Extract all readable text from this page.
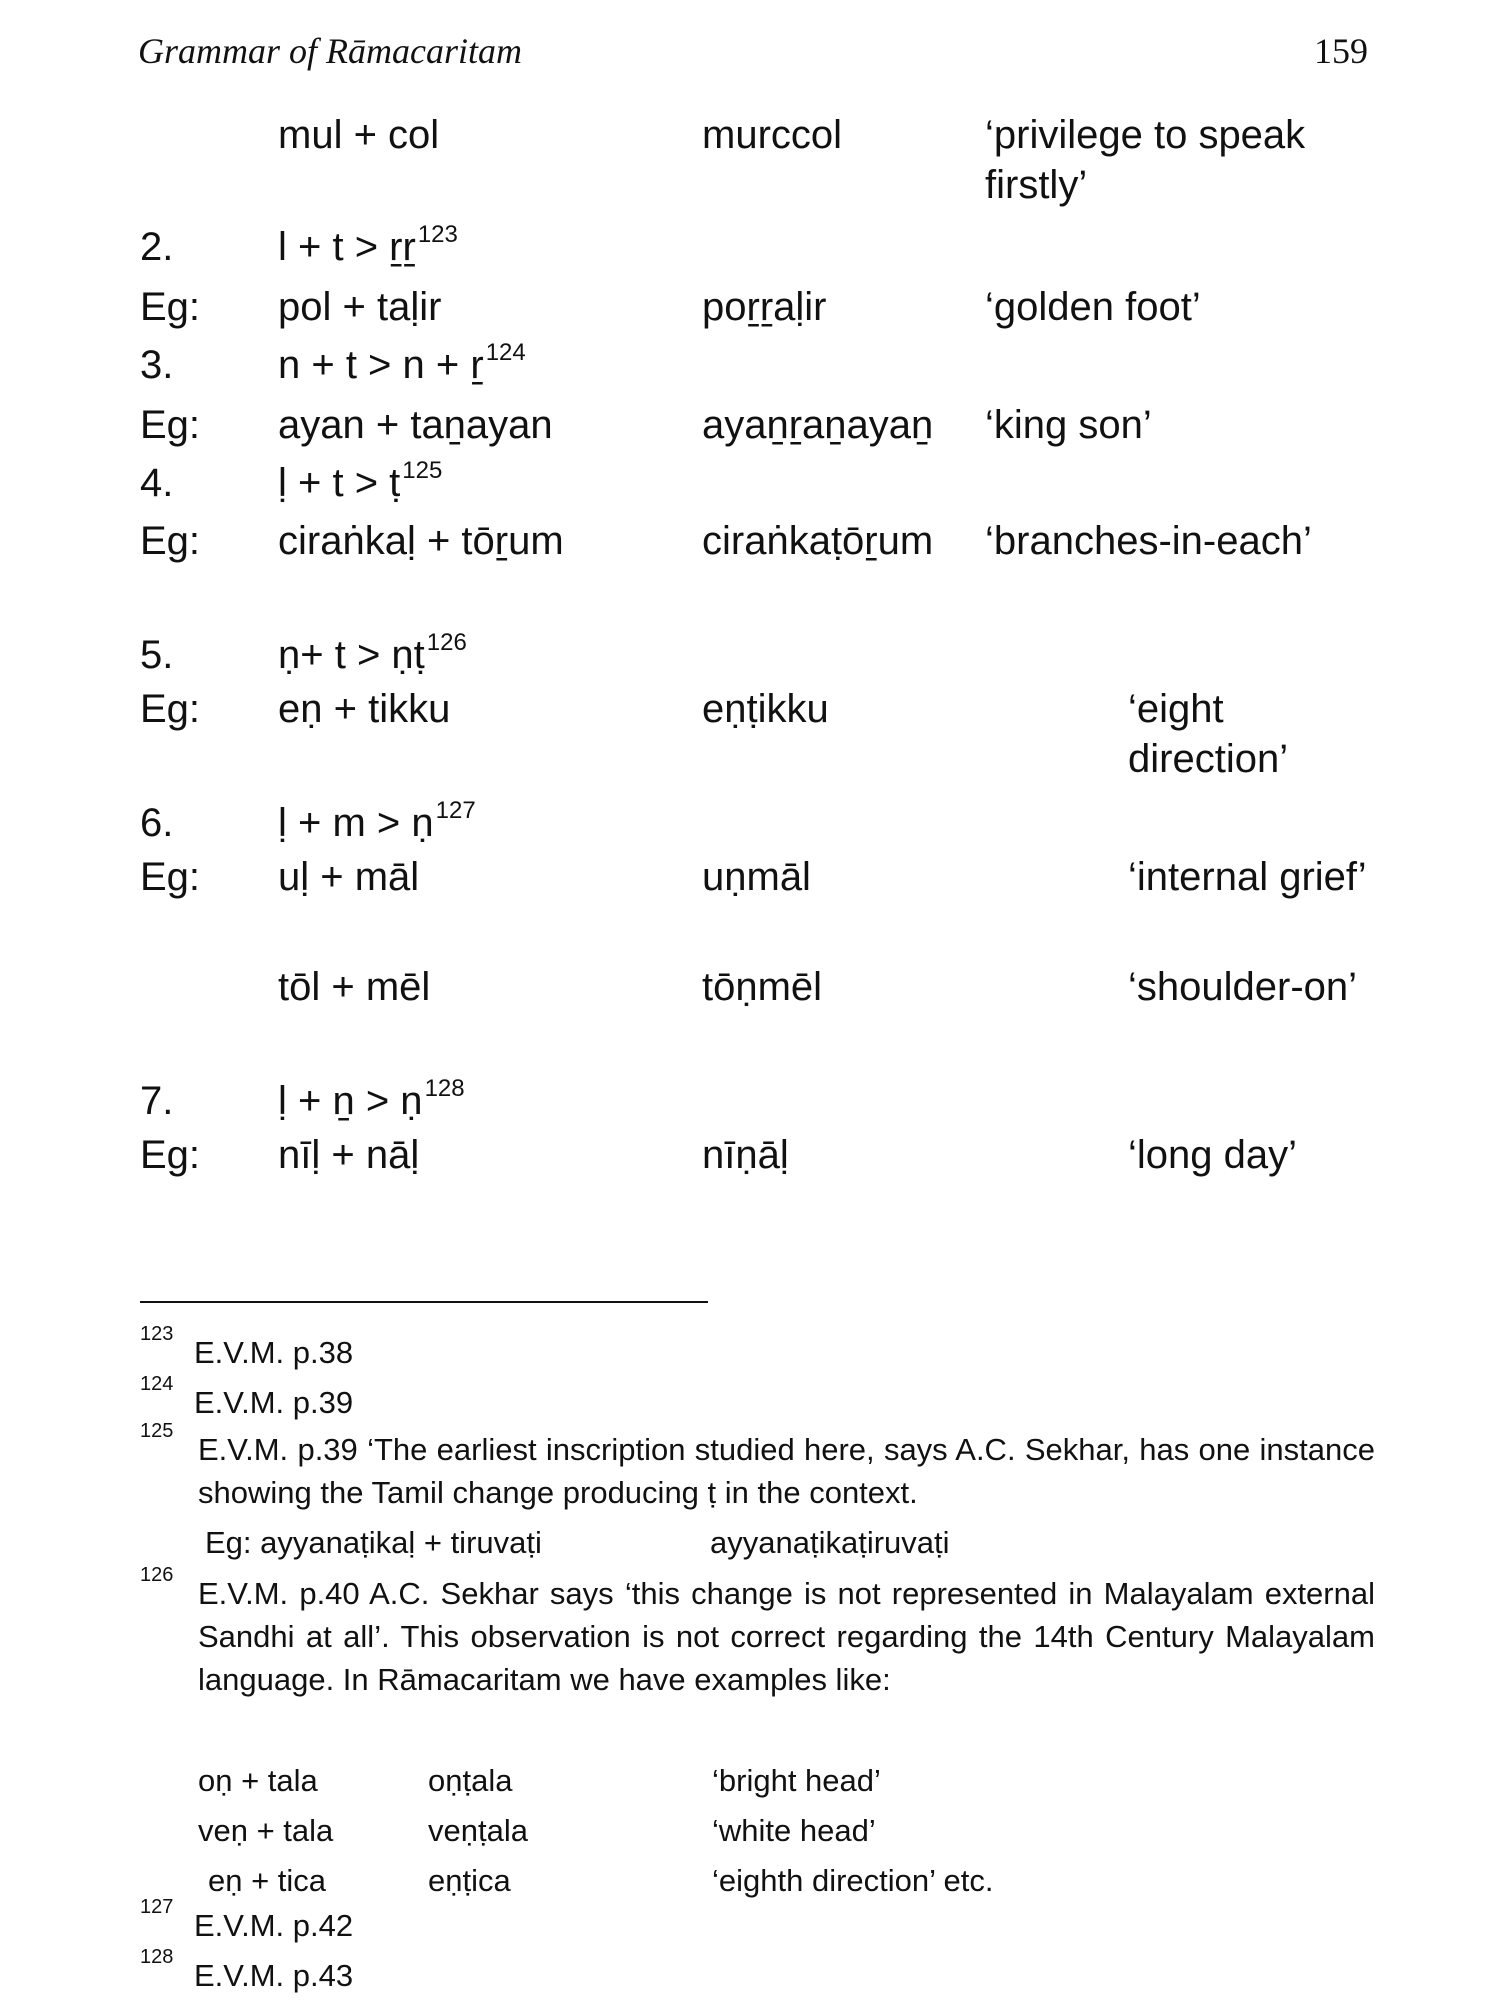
Grammar of Rāmacaritam	159
mul + col	murccol	‘privilege to speak firstly’
2.	l + t > ṟṟ$^{123}$
Eg: pol + taḷir	poṟṟaḷir	‘golden foot’
3.	n + t > n + ṟ$^{124}$
Eg: ayan + taṉayan	ayaṉṟaṉayaṉ ‘king son’
4.	ḷ + t > ṭ$^{125}$
Eg: ciraṅkaḷ + tōṟum	ciraṅkaṭōṟum ‘branches-in-each’
5.	ṇ+ t > ṇṭ$^{126}$
Eg: eṇ + tikku	eṇṭikku	‘eight direction’
6.	ḷ + m > ṇ$^{127}$
Eg: uḷ + māl	uṇmāl	‘internal grief’
tōl + mēl	tōṇmēl	‘shoulder-on’
7.	ḷ + ṉ > ṇ$^{128}$
Eg: nīḷ + nāḷ	nīṇāḷ	‘long day’
123
E.V.M. p.38
124
E.V.M. p.39
125
E.V.M. p.39 ‘The earliest inscription studied here, says A.C. Sekhar, has one instance showing the Tamil change producing ṭ in the context.
Eg: ayyanaṭikaḷ + tiruvaṭi	ayyanaṭikaṭiruvaṭi
126
E.V.M. p.40 A.C. Sekhar says ‘this change is not represented in Malayalam external Sandhi at all’. This observation is not correct regarding the 14th Century Malayalam language. In Rāmacaritam we have examples like:
oṇ + tala	oṇṭala	‘bright head’
veṇ + tala	veṇṭala	‘white head’
eṇ + tica	eṇṭica	‘eighth direction’ etc.
127
E.V.M. p.42
128
E.V.M. p.43
